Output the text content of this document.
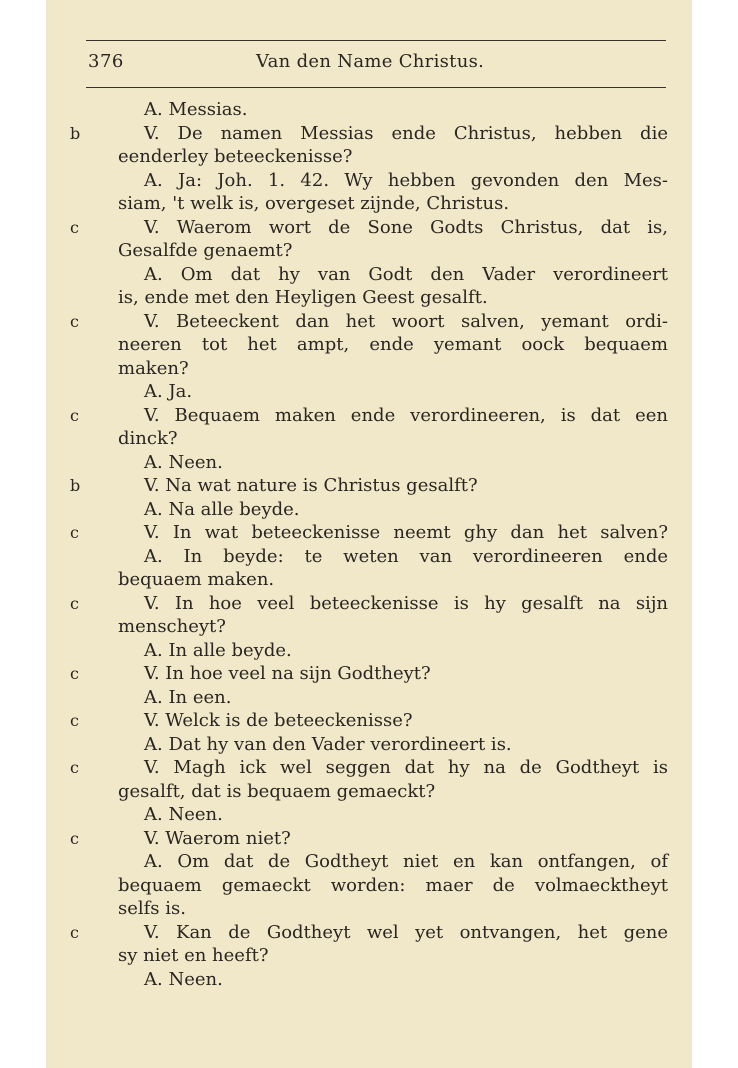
376	Van den Name Christus.
A. Messias.
b	V. De namen Messias ende Christus, hebben die
eenderley beteeckenisse?
A. Ja: Joh. 1. 42. Wy hebben gevonden den Mes-
siam, 't welk is, overgeset zijnde, Christus.
c	V. Waerom wort de Sone Godts Christus, dat is,
Gesalfde genaemt?
A. Om dat hy van Godt den Vader verordineert
is, ende met den Heyligen Geest gesalft.
c	V. Beteeckent dan het woort salven, yemant ordi-
neeren tot het ampt, ende yemant oock bequaem
maken?
A. Ja.
c	V. Bequaem maken ende verordineeren, is dat een
dinck?
A. Neen.
b	V. Na wat nature is Christus gesalft?
A. Na alle beyde.
c	V. In wat beteeckenisse neemt ghy dan het salven?
A. In beyde: te weten van verordineeren ende
bequaem maken.
c	V. In hoe veel beteeckenisse is hy gesalft na sijn
menscheyt?
A. In alle beyde.
c	V. In hoe veel na sijn Godtheyt?
A. In een.
c	V. Welck is de beteeckenisse?
A. Dat hy van den Vader verordineert is.
c	V. Magh ick wel seggen dat hy na de Godtheyt is
gesalft, dat is bequaem gemaeckt?
A. Neen.
c	V. Waerom niet?
A. Om dat de Godtheyt niet en kan ontfangen, of
bequaem gemaeckt worden: maer de volmaecktheyt
selfs is.
c	V. Kan de Godtheyt wel yet ontvangen, het gene
sy niet en heeft?
A. Neen.
